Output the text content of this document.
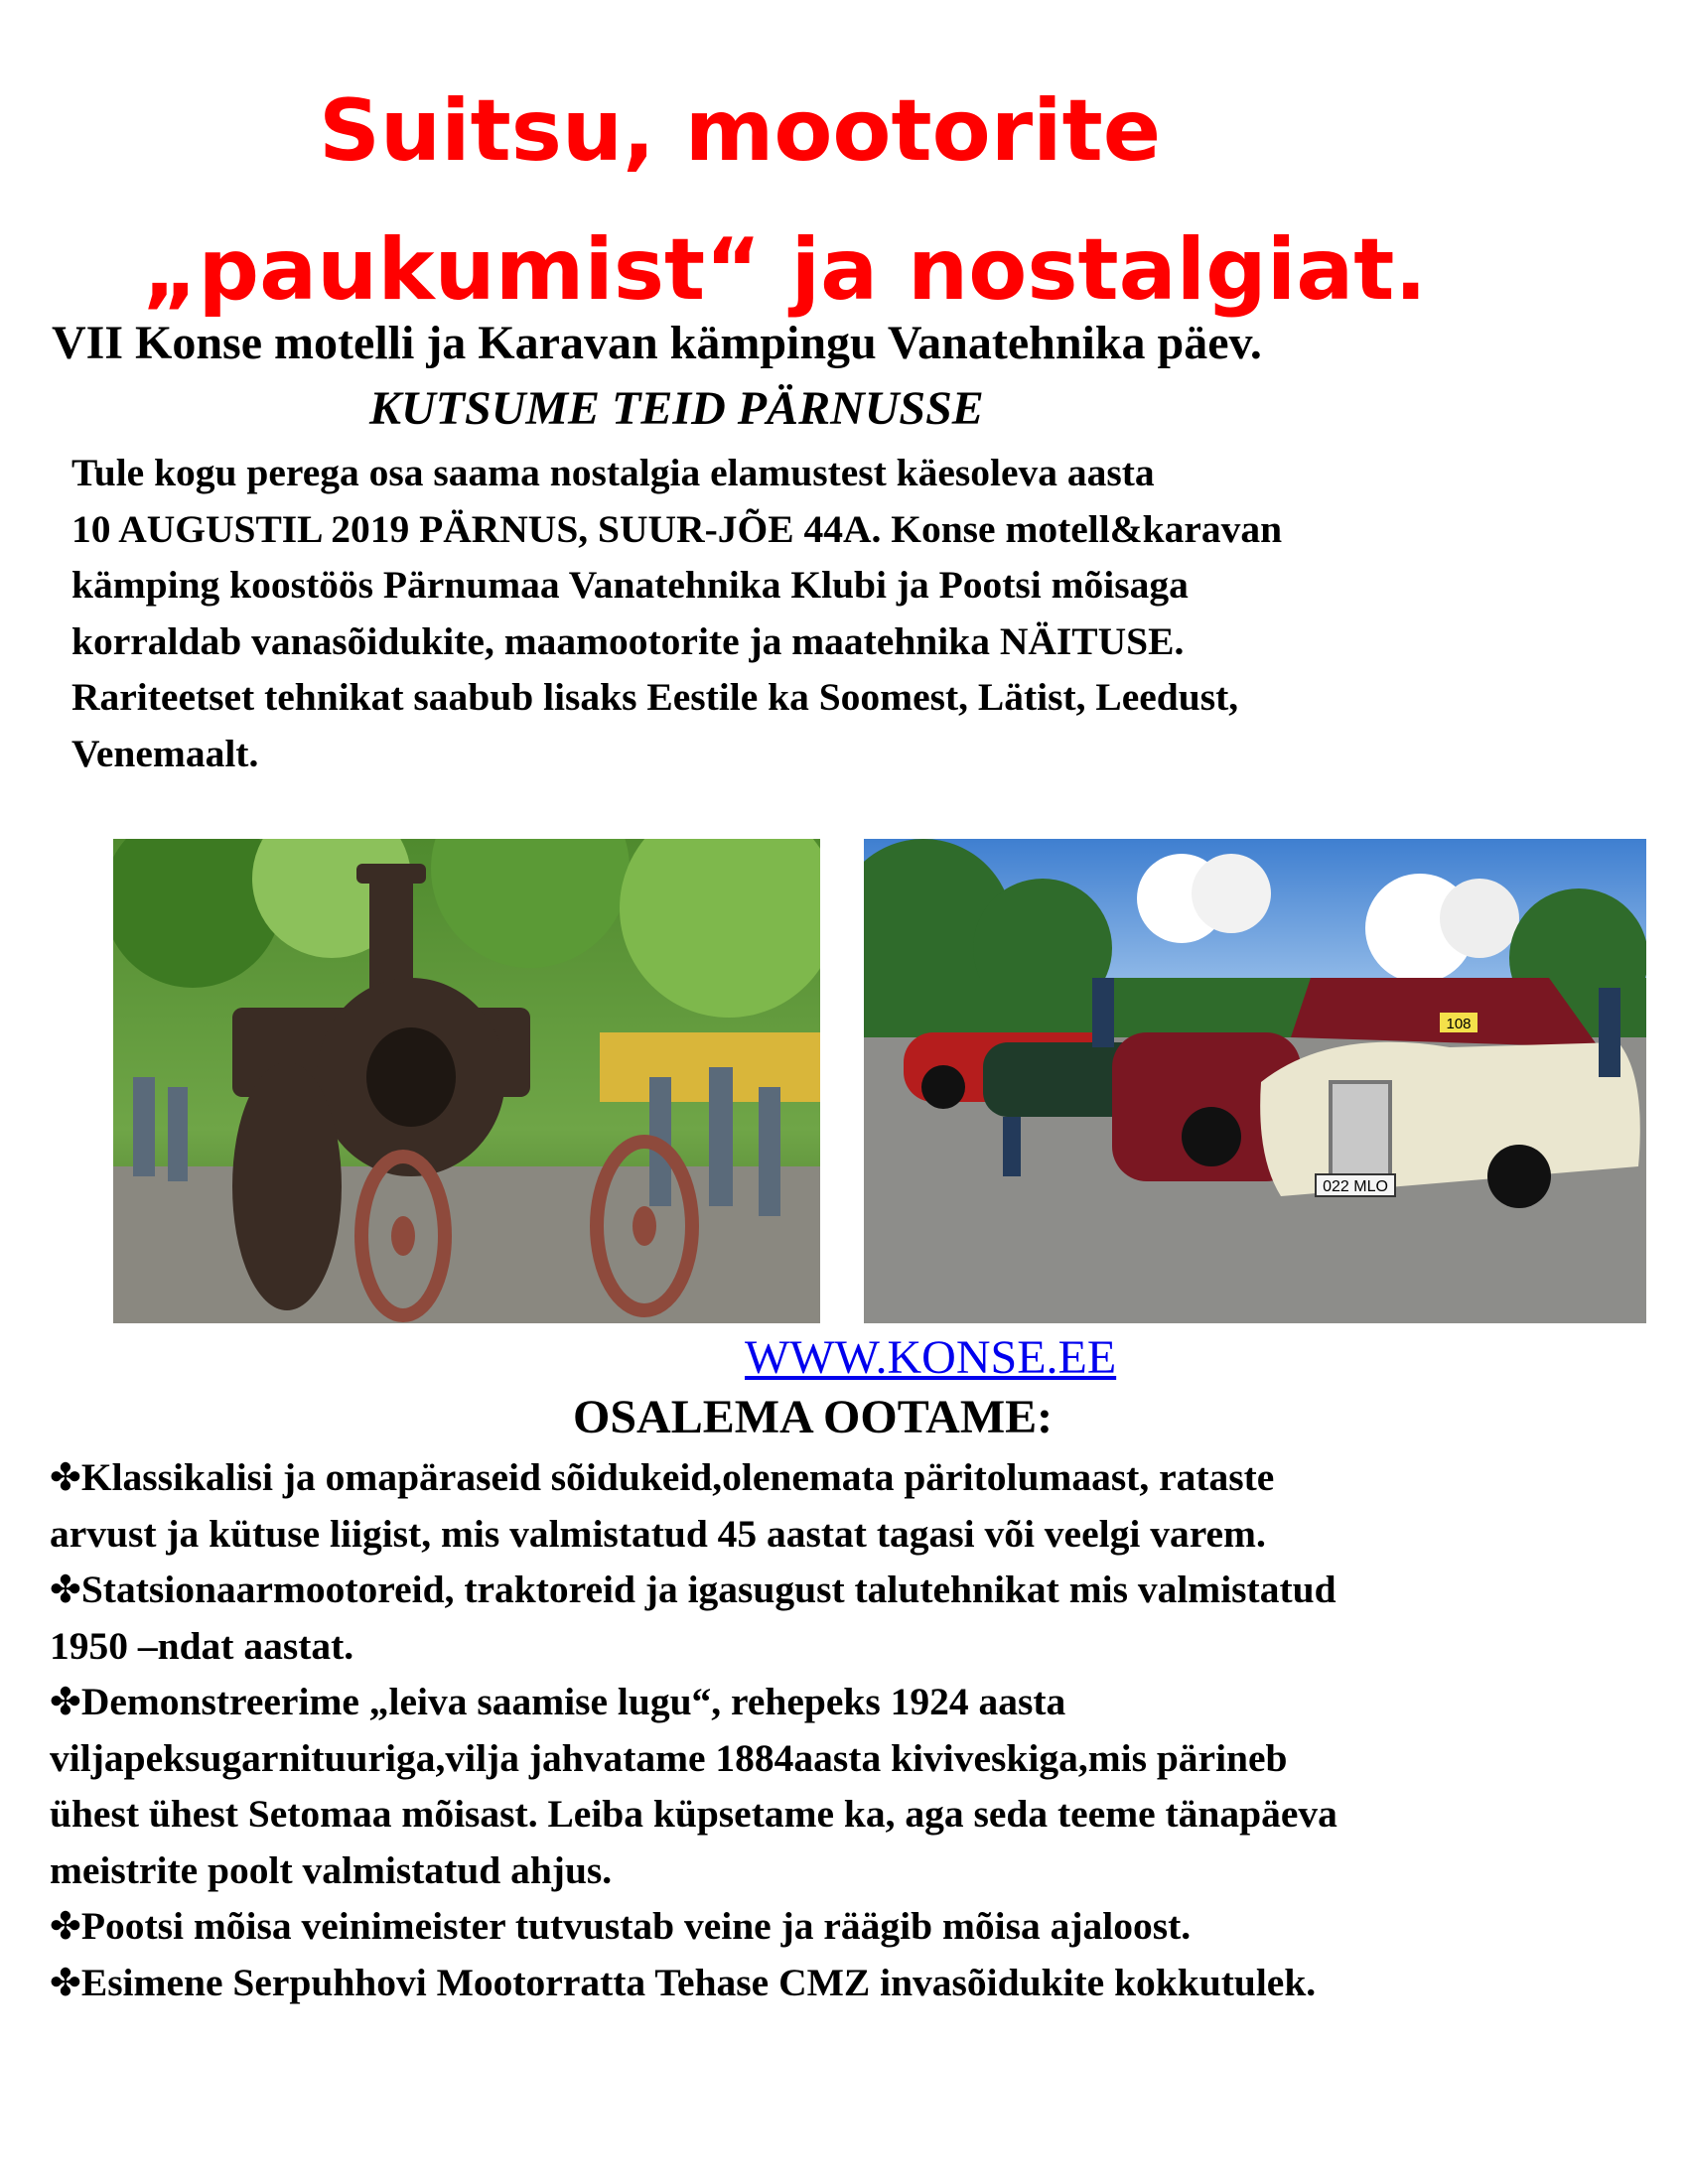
Suitsu, mootorite
„paukumist“ ja nostalgiat.
VII Konse motelli ja Karavan kämpingu Vanatehnika päev.
KUTSUME TEID PÄRNUSSE

Tule kogu perega osa saama nostalgia elamustest käesoleva aasta
10 AUGUSTIL 2019 PÄRNUS, SUUR-JÕE 44A. Konse motell&karavan
kämping koostöös Pärnumaa Vanatehnika Klubi ja Pootsi mõisaga
korraldab vanasõidukite, maamootorite ja maatehnika NÄITUSE.
Rariteetset tehnikat saabub lisaks Eestile ka Soomest, Lätist, Leedust,
Venemaalt.

022 MLO
108
WWW.KONSE.EE
OSALEMA OOTAME:
✤Klassikalisi ja omapäraseid sõidukeid,olenemata päritolumaast, rataste
arvust ja kütuse liigist, mis valmistatud 45 aastat tagasi või veelgi varem.
✤Statsionaarmootoreid, traktoreid ja igasugust talutehnikat mis valmistatud
1950 –ndat aastat.
✤Demonstreerime „leiva saamise lugu“, rehepeks 1924 aasta
viljapeksugarnituuriga,vilja jahvatame 1884aasta kiviveskiga,mis pärineb
ühest ühest Setomaa mõisast. Leiba küpsetame ka, aga seda teeme tänapäeva
meistrite poolt valmistatud ahjus.
✤Pootsi mõisa veinimeister tutvustab veine ja räägib mõisa ajaloost.
✤Esimene Serpuhhovi Mootorratta Tehase CMZ invasõidukite kokkutulek.
